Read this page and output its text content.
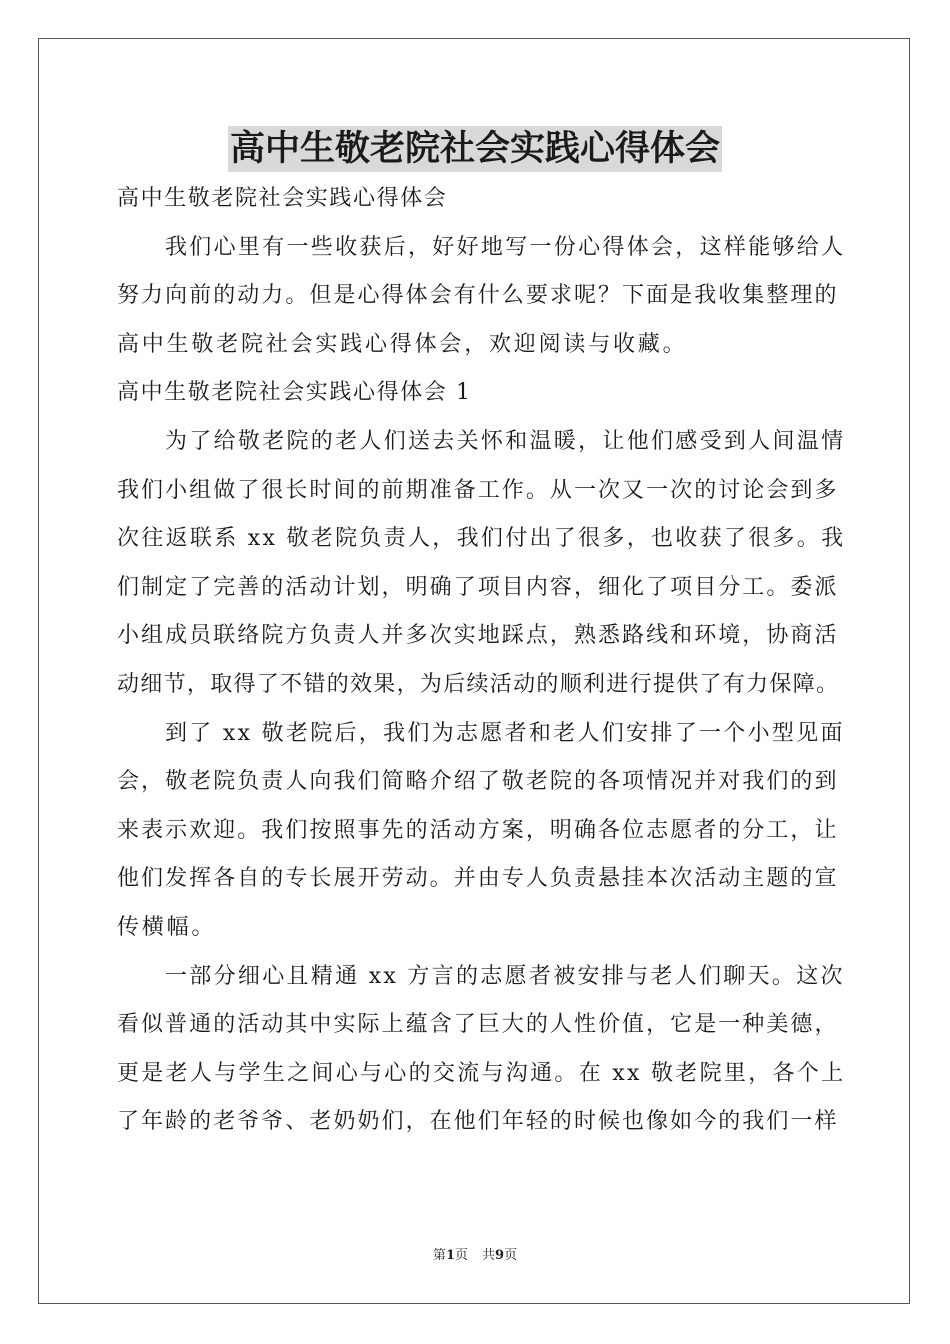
高中生敬老院社会实践心得体会

高中生敬老院社会实践心得体会

我们心里有一些收获后，好好地写一份心得体会，这样能够给人

努力向前的动力。但是心得体会有什么要求呢？下面是我收集整理的

高中生敬老院社会实践心得体会，欢迎阅读与收藏。

高中生敬老院社会实践心得体会 1

为了给敬老院的老人们送去关怀和温暖，让他们感受到人间温情

我们小组做了很长时间的前期准备工作。从一次又一次的讨论会到多

次往返联系 xx 敬老院负责人，我们付出了很多，也收获了很多。我

们制定了完善的活动计划，明确了项目内容，细化了项目分工。委派

小组成员联络院方负责人并多次实地踩点，熟悉路线和环境，协商活

动细节，取得了不错的效果，为后续活动的顺利进行提供了有力保障。

到了 xx 敬老院后，我们为志愿者和老人们安排了一个小型见面

会，敬老院负责人向我们简略介绍了敬老院的各项情况并对我们的到

来表示欢迎。我们按照事先的活动方案，明确各位志愿者的分工，让

他们发挥各自的专长展开劳动。并由专人负责悬挂本次活动主题的宣

传横幅。

一部分细心且精通 xx 方言的志愿者被安排与老人们聊天。这次

看似普通的活动其中实际上蕴含了巨大的人性价值，它是一种美德，

更是老人与学生之间心与心的交流与沟通。在 xx 敬老院里，各个上

了年龄的老爷爷、老奶奶们，在他们年轻的时候也像如今的我们一样

第1页 共9页
